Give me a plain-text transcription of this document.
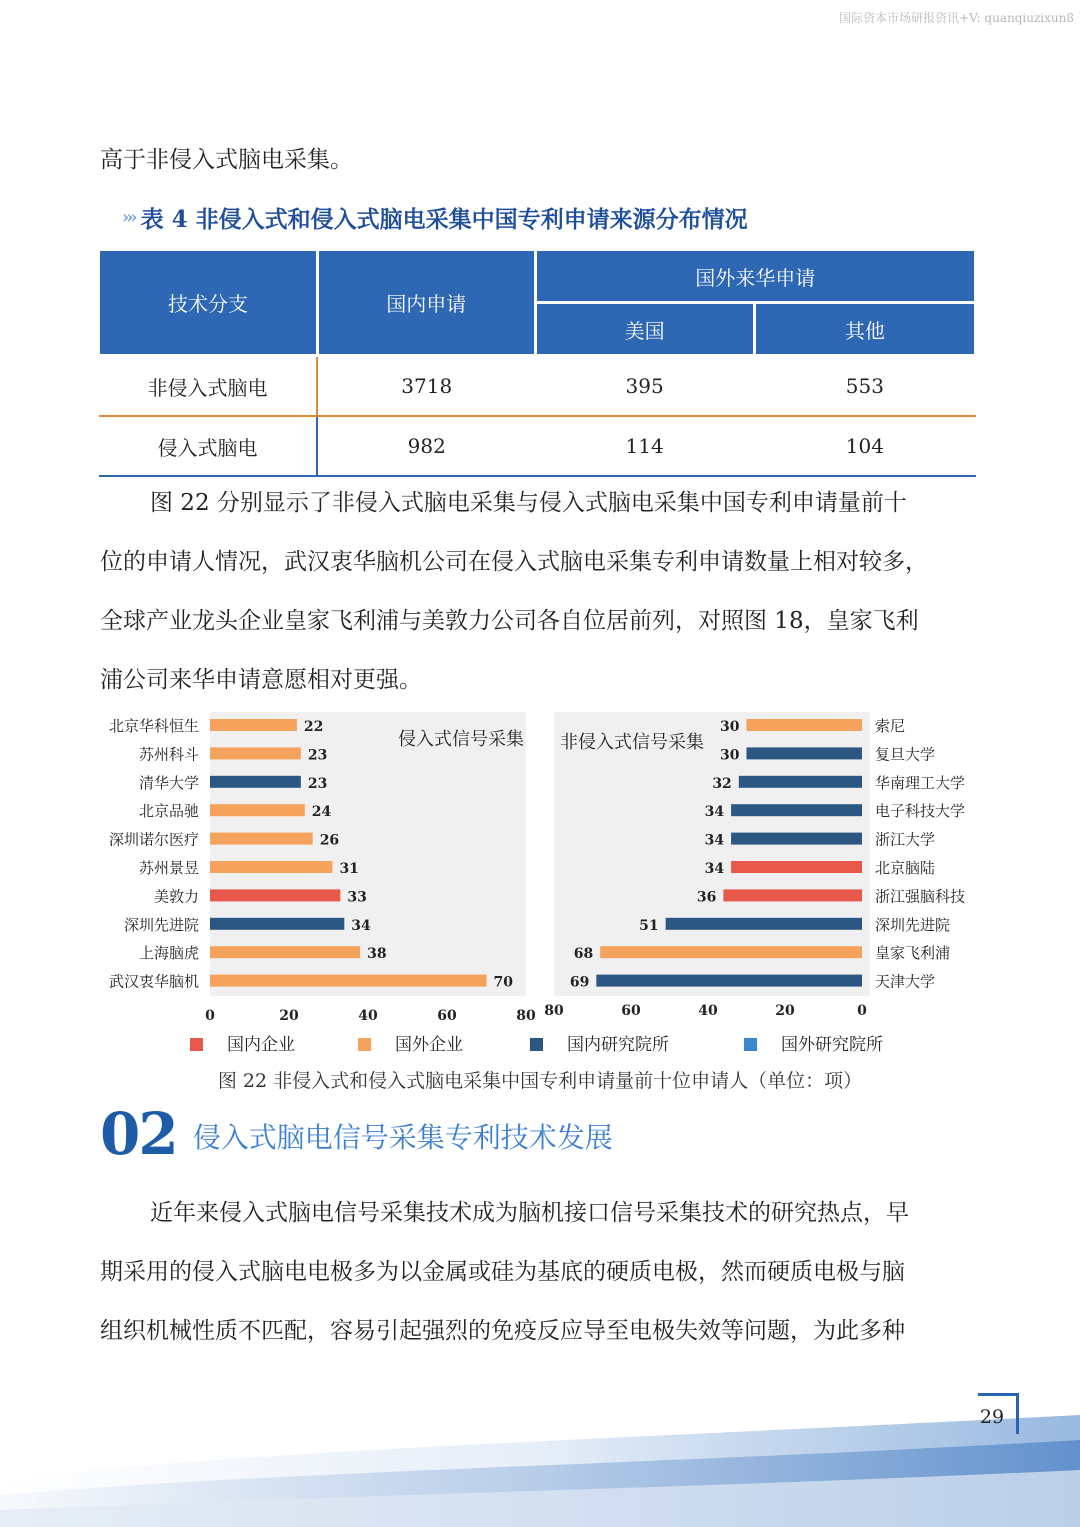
国际资本市场研报资讯+V: quanqiuzixun8

高于非侵入式脑电采集。

››› 表 4 非侵入式和侵入式脑电采集中国专利申请来源分布情况
技术分支	国内申请	国外来华申请	
		美国	其他
非侵入式脑电	3718	395	553
侵入式脑电	982	114	104
图 22 分别显示了非侵入式脑电采集与侵入式脑电采集中国专利申请量前十
位的申请人情况，武汉衷华脑机公司在侵入式脑电采集专利申请数量上相对较多，
全球产业龙头企业皇家飞利浦与美敦力公司各自位居前列，对照图 18，皇家飞利
浦公司来华申请意愿相对更强。
侵入式信号采集 非侵入式信号采集
北京华科恒生	22
苏州科斗	23
清华大学	23
北京品驰	24
深圳诺尔医疗	26
苏州景昱	31
美敦力	33
深圳先进院	34
上海脑虎	38
武汉衷华脑机	70
0	20	40	60	80
索尼
30
复旦大学
30
华南理工大学
32
电子科技大学
34
浙江大学
34
北京脑陆
34
浙江强脑科技
36
深圳先进院
51
皇家飞利浦
68
天津大学
69
80	60	40	20	0
国内企业	国外企业	国内研究院所	国外研究院所
图 22 非侵入式和侵入式脑电采集中国专利申请量前十位申请人（单位：项）
02 侵入式脑电信号采集专利技术发展
近年来侵入式脑电信号采集技术成为脑机接口信号采集技术的研究热点，早
期采用的侵入式脑电电极多为以金属或硅为基底的硬质电极，然而硬质电极与脑
组织机械性质不匹配，容易引起强烈的免疫反应导至电极失效等问题，为此多种
29
